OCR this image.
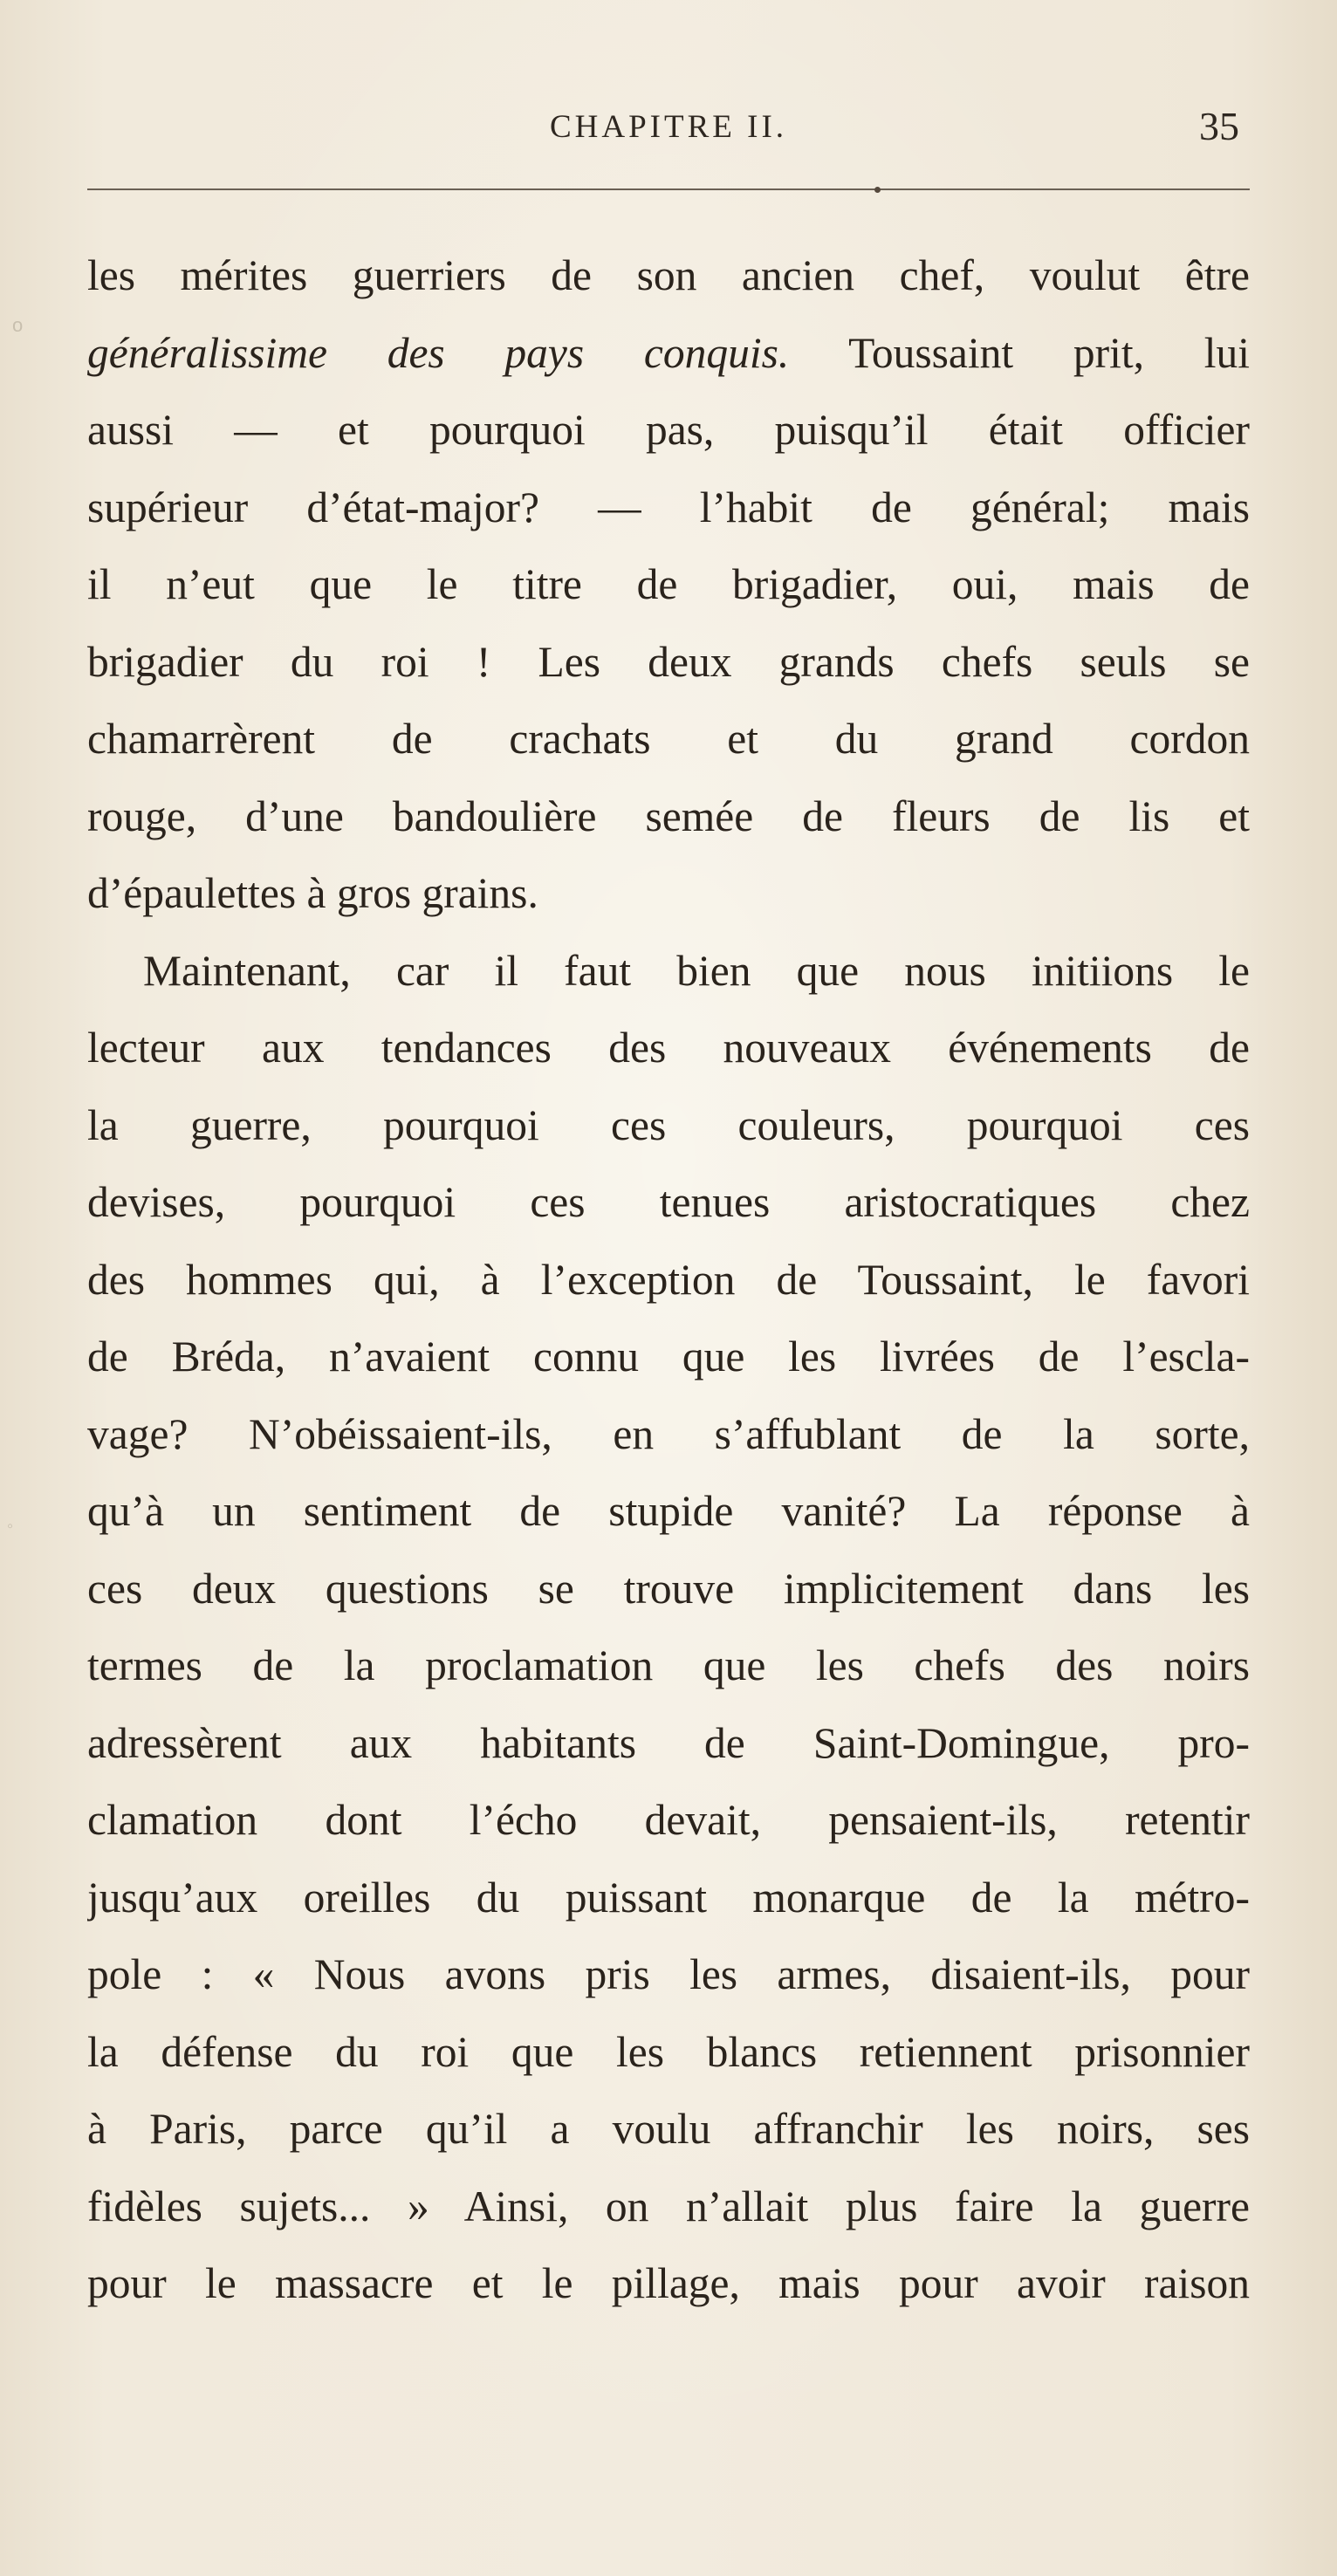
CHAPITRE II.	35
o
◦
les mérites guerriers de son ancien chef, voulut être
généralissime des pays conquis. Toussaint prit, lui
aussi — et pourquoi pas, puisqu’il était officier
supérieur d’état-major? — l’habit de général; mais
il n’eut que le titre de brigadier, oui, mais de
brigadier du roi ! Les deux grands chefs seuls se
chamarrèrent de crachats et du grand cordon
rouge, d’une bandoulière semée de fleurs de lis et
d’épaulettes à gros grains.
Maintenant, car il faut bien que nous initiions le
lecteur aux tendances des nouveaux événements de
la guerre, pourquoi ces couleurs, pourquoi ces
devises, pourquoi ces tenues aristocratiques chez
des hommes qui, à l’exception de Toussaint, le favori
de Bréda, n’avaient connu que les livrées de l’escla-
vage? N’obéissaient-ils, en s’affublant de la sorte,
qu’à un sentiment de stupide vanité? La réponse à
ces deux questions se trouve implicitement dans les
termes de la proclamation que les chefs des noirs
adressèrent aux habitants de Saint-Domingue, pro-
clamation dont l’écho devait, pensaient-ils, retentir
jusqu’aux oreilles du puissant monarque de la métro-
pole : « Nous avons pris les armes, disaient-ils, pour
la défense du roi que les blancs retiennent prisonnier
à Paris, parce qu’il a voulu affranchir les noirs, ses
fidèles sujets... » Ainsi, on n’allait plus faire la guerre
pour le massacre et le pillage, mais pour avoir raison
